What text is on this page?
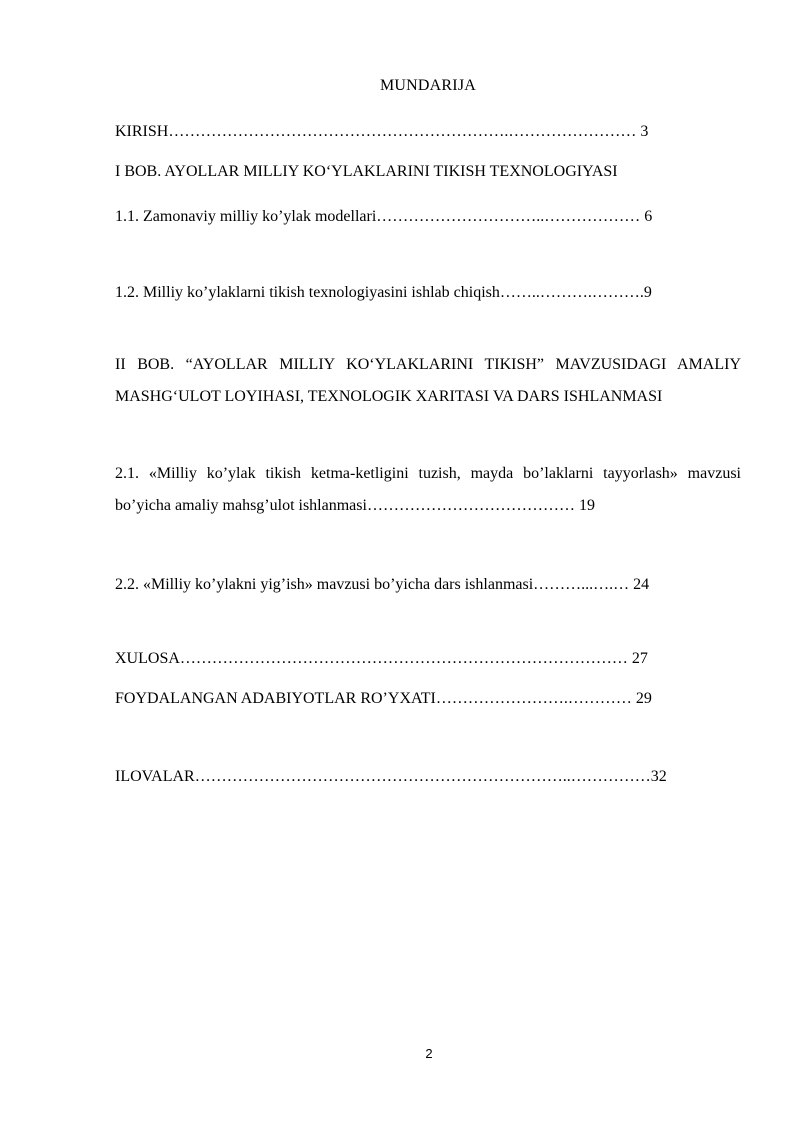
MUNDARIJA
KIRISH……………………………………………………….…………………… 3
I BOB. AYOLLAR MILLIY KO‘YLAKLARINI TIKISH TEXNOLOGIYASI
1.1. Zamonaviy milliy ko’ylak modellari…………………………..……………… 6
1.2. Milliy ko’ylaklarni tikish texnologiyasini ishlab chiqish……..……….……….9
II BOB. “AYOLLAR MILLIY KO‘YLAKLARINI TIKISH” MAVZUSIDAGI AMALIY MASHG‘ULOT LOYIHASI, TEXNOLOGIK XARITASI VA DARS ISHLANMASI
2.1. «Milliy ko’ylak tikish ketma-ketligini tuzish, mayda bo’laklarni tayyorlash» mavzusi bo’yicha amaliy mahsg’ulot ishlanmasi………………………………… 19
2.2. «Milliy ko’ylakni yig’ish» mavzusi bo’yicha dars ishlanmasi………...….… 24
XULOSA………………………………………………………………………… 27
FOYDALANGAN ADABIYOTLAR RO’YXATI…………………….………… 29
ILOVALAR……………………………………………………………..……………32
2
